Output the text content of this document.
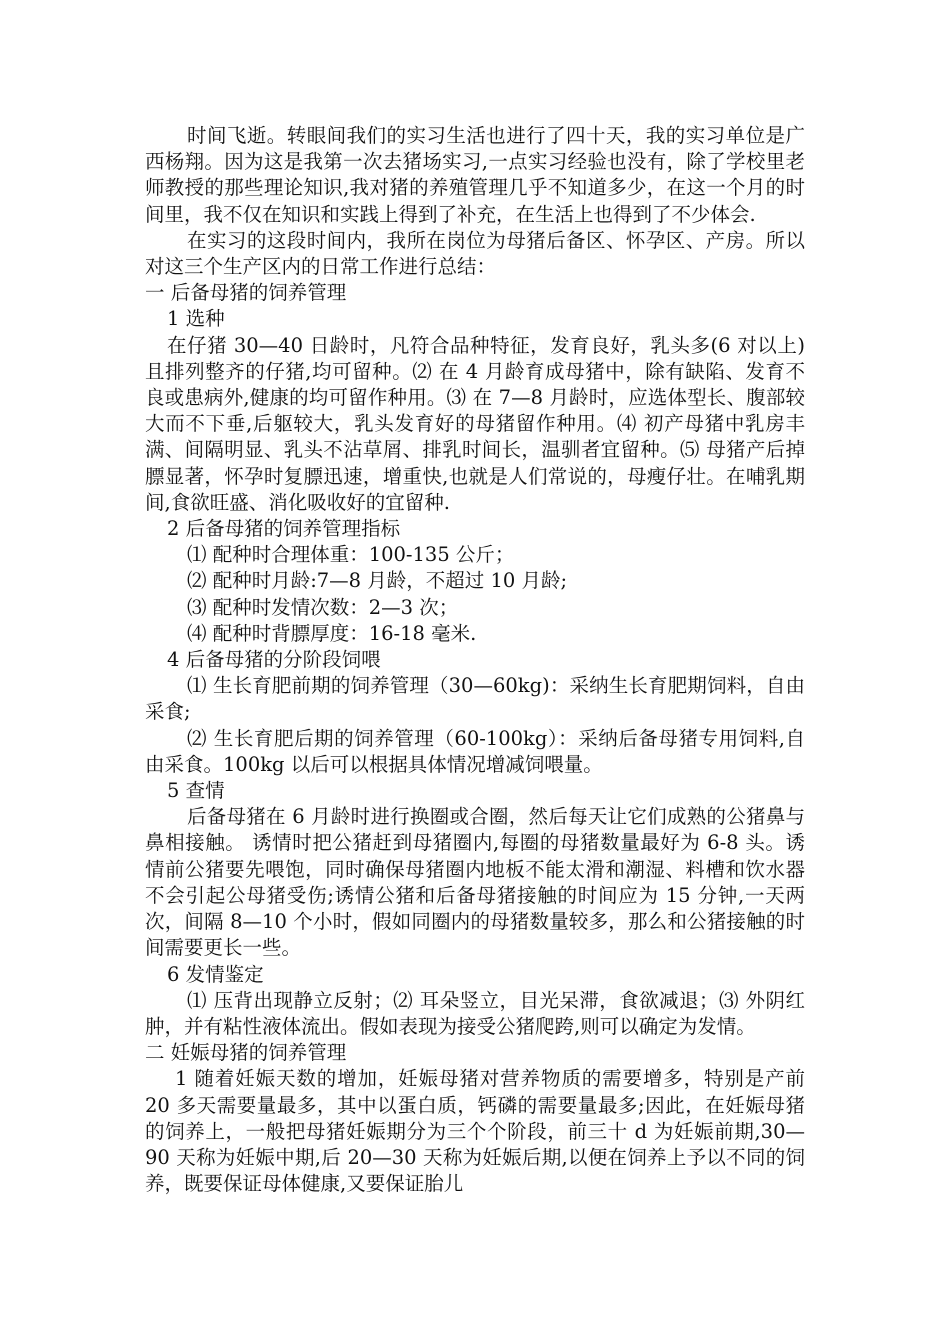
时间飞逝。转眼间我们的实习生活也进行了四十天，我的实习单位是广西杨翔。因为这是我第一次去猪场实习,一点实习经验也没有，除了学校里老师教授的那些理论知识,我对猪的养殖管理几乎不知道多少，在这一个月的时间里，我不仅在知识和实践上得到了补充，在生活上也得到了不少体会.

在实习的这段时间内，我所在岗位为母猪后备区、怀孕区、产房。所以对这三个生产区内的日常工作进行总结：

一 后备母猪的饲养管理

1 选种

在仔猪 30—40 日龄时，凡符合品种特征，发育良好，乳头多(6 对以上)且排列整齐的仔猪,均可留种。⑵ 在 4 月龄育成母猪中，除有缺陷、发育不良或患病外,健康的均可留作种用。⑶ 在 7—8 月龄时，应选体型长、腹部较大而不下垂,后躯较大，乳头发育好的母猪留作种用。⑷ 初产母猪中乳房丰满、间隔明显、乳头不沾草屑、排乳时间长，温驯者宜留种。⑸ 母猪产后掉膘显著，怀孕时复膘迅速，增重快,也就是人们常说的，母瘦仔壮。在哺乳期间,食欲旺盛、消化吸收好的宜留种.

2 后备母猪的饲养管理指标

⑴ 配种时合理体重：100-135 公斤；

⑵ 配种时月龄:7—8 月龄，不超过 10 月龄;

⑶ 配种时发情次数：2—3 次；

⑷ 配种时背膘厚度：16-18 毫米.

4 后备母猪的分阶段饲喂

⑴ 生长育肥前期的饲养管理（30—60kg)：采纳生长育肥期饲料，自由采食;

⑵ 生长育肥后期的饲养管理（60-100kg）：采纳后备母猪专用饲料,自由采食。100kg 以后可以根据具体情况增减饲喂量。

5 查情

后备母猪在 6 月龄时进行换圈或合圈，然后每天让它们成熟的公猪鼻与鼻相接触。 诱情时把公猪赶到母猪圈内,每圈的母猪数量最好为 6-8 头。诱情前公猪要先喂饱，同时确保母猪圈内地板不能太滑和潮湿、料槽和饮水器不会引起公母猪受伤;诱情公猪和后备母猪接触的时间应为 15 分钟,一天两次，间隔 8—10 个小时，假如同圈内的母猪数量较多，那么和公猪接触的时间需要更长一些。

6 发情鉴定

⑴ 压背出现静立反射；⑵ 耳朵竖立，目光呆滞，食欲减退；⑶ 外阴红肿，并有粘性液体流出。假如表现为接受公猪爬跨,则可以确定为发情。

二 妊娠母猪的饲养管理

1 随着妊娠天数的增加，妊娠母猪对营养物质的需要增多，特别是产前 20 多天需要量最多，其中以蛋白质，钙磷的需要量最多;因此，在妊娠母猪的饲养上，一般把母猪妊娠期分为三个个阶段，前三十 d 为妊娠前期,30—90 天称为妊娠中期,后 20—30 天称为妊娠后期,以便在饲养上予以不同的饲养，既要保证母体健康,又要保证胎儿
